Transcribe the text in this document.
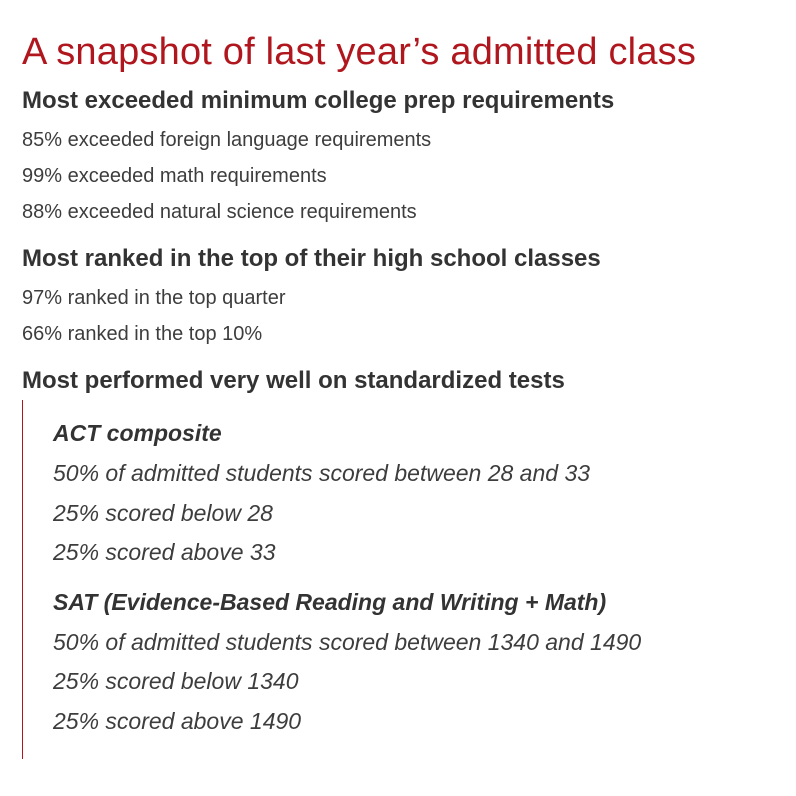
A snapshot of last year’s admitted class
Most exceeded minimum college prep requirements
85% exceeded foreign language requirements
99% exceeded math requirements
88% exceeded natural science requirements
Most ranked in the top of their high school classes
97% ranked in the top quarter
66% ranked in the top 10%
Most performed very well on standardized tests
ACT composite
50% of admitted students scored between 28 and 33
25% scored below 28
25% scored above 33
SAT (Evidence-Based Reading and Writing + Math)
50% of admitted students scored between 1340 and 1490
25% scored below 1340
25% scored above 1490
